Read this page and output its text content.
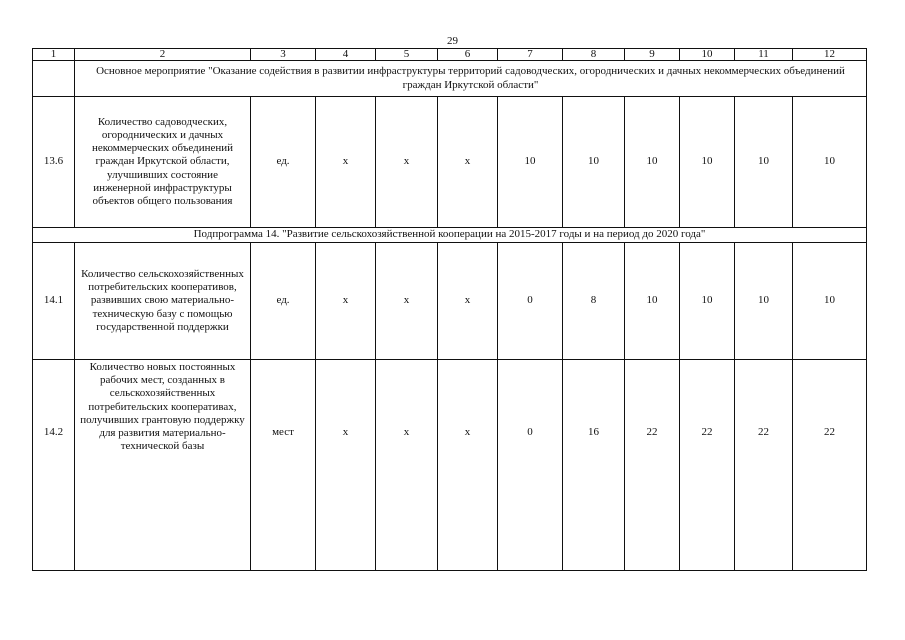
29
1	2	3	4	5	6	7	8	9	10	11	12
	Основное мероприятие "Оказание содействия в развитии инфраструктуры территорий садоводческих, огороднических и дачных некоммерческих объединений граждан Иркутской области"										
13.6	Количество садоводческих, огороднических и дачных некоммерческих объединений граждан Иркутской области, улучшивших состояние инженерной инфраструктуры объектов общего пользования	ед.	х	х	х	10	10	10	10	10	10
Подпрограмма 14. "Развитие сельскохозяйственной кооперации на 2015-2017 годы и на период до 2020 года"											
14.1	Количество сельскохозяйственных потребительских кооперативов, развивших свою материально-техническую базу с помощью государственной поддержки	ед.	х	х	х	0	8	10	10	10	10
14.2	Количество новых постоянных рабочих мест, созданных в сельскохозяйственных потребительских кооперативах, получивших грантовую поддержку для развития материально-технической базы	мест	х	х	х	0	16	22	22	22	22
